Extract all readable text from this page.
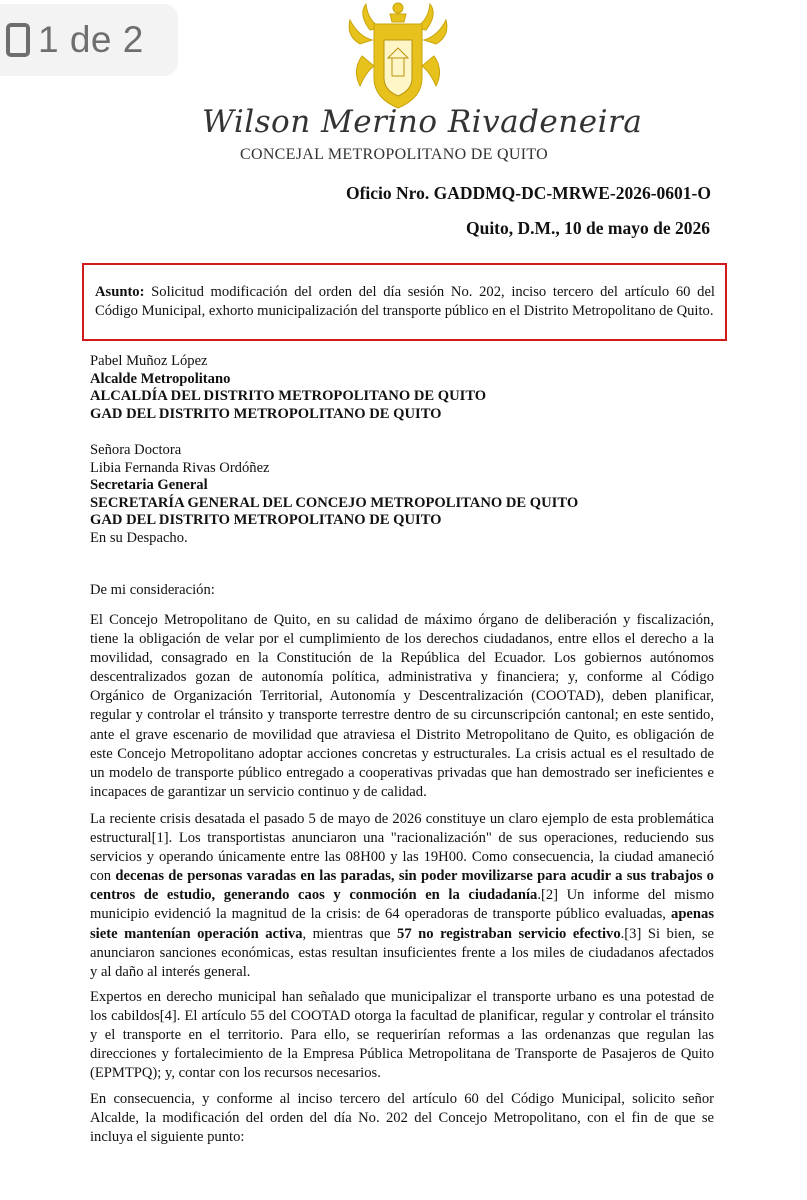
1 de 2
Wilson Merino Rivadeneira
CONCEJAL METROPOLITANO DE QUITO
Oficio Nro. GADDMQ-DC-MRWE-2026-0601-O
Quito, D.M., 10 de mayo de 2026
Asunto: Solicitud modificación del orden del día sesión No. 202, inciso tercero del artículo 60 del Código Municipal, exhorto municipalización del transporte público en el Distrito Metropolitano de Quito.
Pabel Muñoz López
Alcalde Metropolitano
ALCALDÍA DEL DISTRITO METROPOLITANO DE QUITO
GAD DEL DISTRITO METROPOLITANO DE QUITO
Señora Doctora
Libia Fernanda Rivas Ordóñez
Secretaria General
SECRETARÍA GENERAL DEL CONCEJO METROPOLITANO DE QUITO
GAD DEL DISTRITO METROPOLITANO DE QUITO
En su Despacho.
De mi consideración:
El Concejo Metropolitano de Quito, en su calidad de máximo órgano de deliberación y fiscalización,
tiene la obligación de velar por el cumplimiento de los derechos ciudadanos, entre ellos el derecho a la
movilidad, consagrado en la Constitución de la República del Ecuador. Los gobiernos autónomos
descentralizados gozan de autonomía política, administrativa y financiera; y, conforme al Código
Orgánico de Organización Territorial, Autonomía y Descentralización (COOTAD), deben planificar,
regular y controlar el tránsito y transporte terrestre dentro de su circunscripción cantonal; en este sentido,
ante el grave escenario de movilidad que atraviesa el Distrito Metropolitano de Quito, es obligación de
este Concejo Metropolitano adoptar acciones concretas y estructurales. La crisis actual es el resultado de
un modelo de transporte público entregado a cooperativas privadas que han demostrado ser ineficientes e
incapaces de garantizar un servicio continuo y de calidad.
La reciente crisis desatada el pasado 5 de mayo de 2026 constituye un claro ejemplo de esta problemática
estructural[1]. Los transportistas anunciaron una "racionalización" de sus operaciones, reduciendo sus
servicios y operando únicamente entre las 08H00 y las 19H00. Como consecuencia, la ciudad amaneció
con decenas de personas varadas en las paradas, sin poder movilizarse para acudir a sus trabajos o
centros de estudio, generando caos y conmoción en la ciudadanía.[2] Un informe del mismo
municipio evidenció la magnitud de la crisis: de 64 operadoras de transporte público evaluadas, apenas
siete mantenían operación activa, mientras que 57 no registraban servicio efectivo.[3] Si bien, se
anunciaron sanciones económicas, estas resultan insuficientes frente a los miles de ciudadanos afectados
y al daño al interés general.
Expertos en derecho municipal han señalado que municipalizar el transporte urbano es una potestad de
los cabildos[4]. El artículo 55 del COOTAD otorga la facultad de planificar, regular y controlar el tránsito
y el transporte en el territorio. Para ello, se requerirían reformas a las ordenanzas que regulan las
direcciones y fortalecimiento de la Empresa Pública Metropolitana de Transporte de Pasajeros de Quito
(EPMTPQ); y, contar con los recursos necesarios.
En consecuencia, y conforme al inciso tercero del artículo 60 del Código Municipal, solicito señor
Alcalde, la modificación del orden del día No. 202 del Concejo Metropolitano, con el fin de que se
incluya el siguiente punto:
